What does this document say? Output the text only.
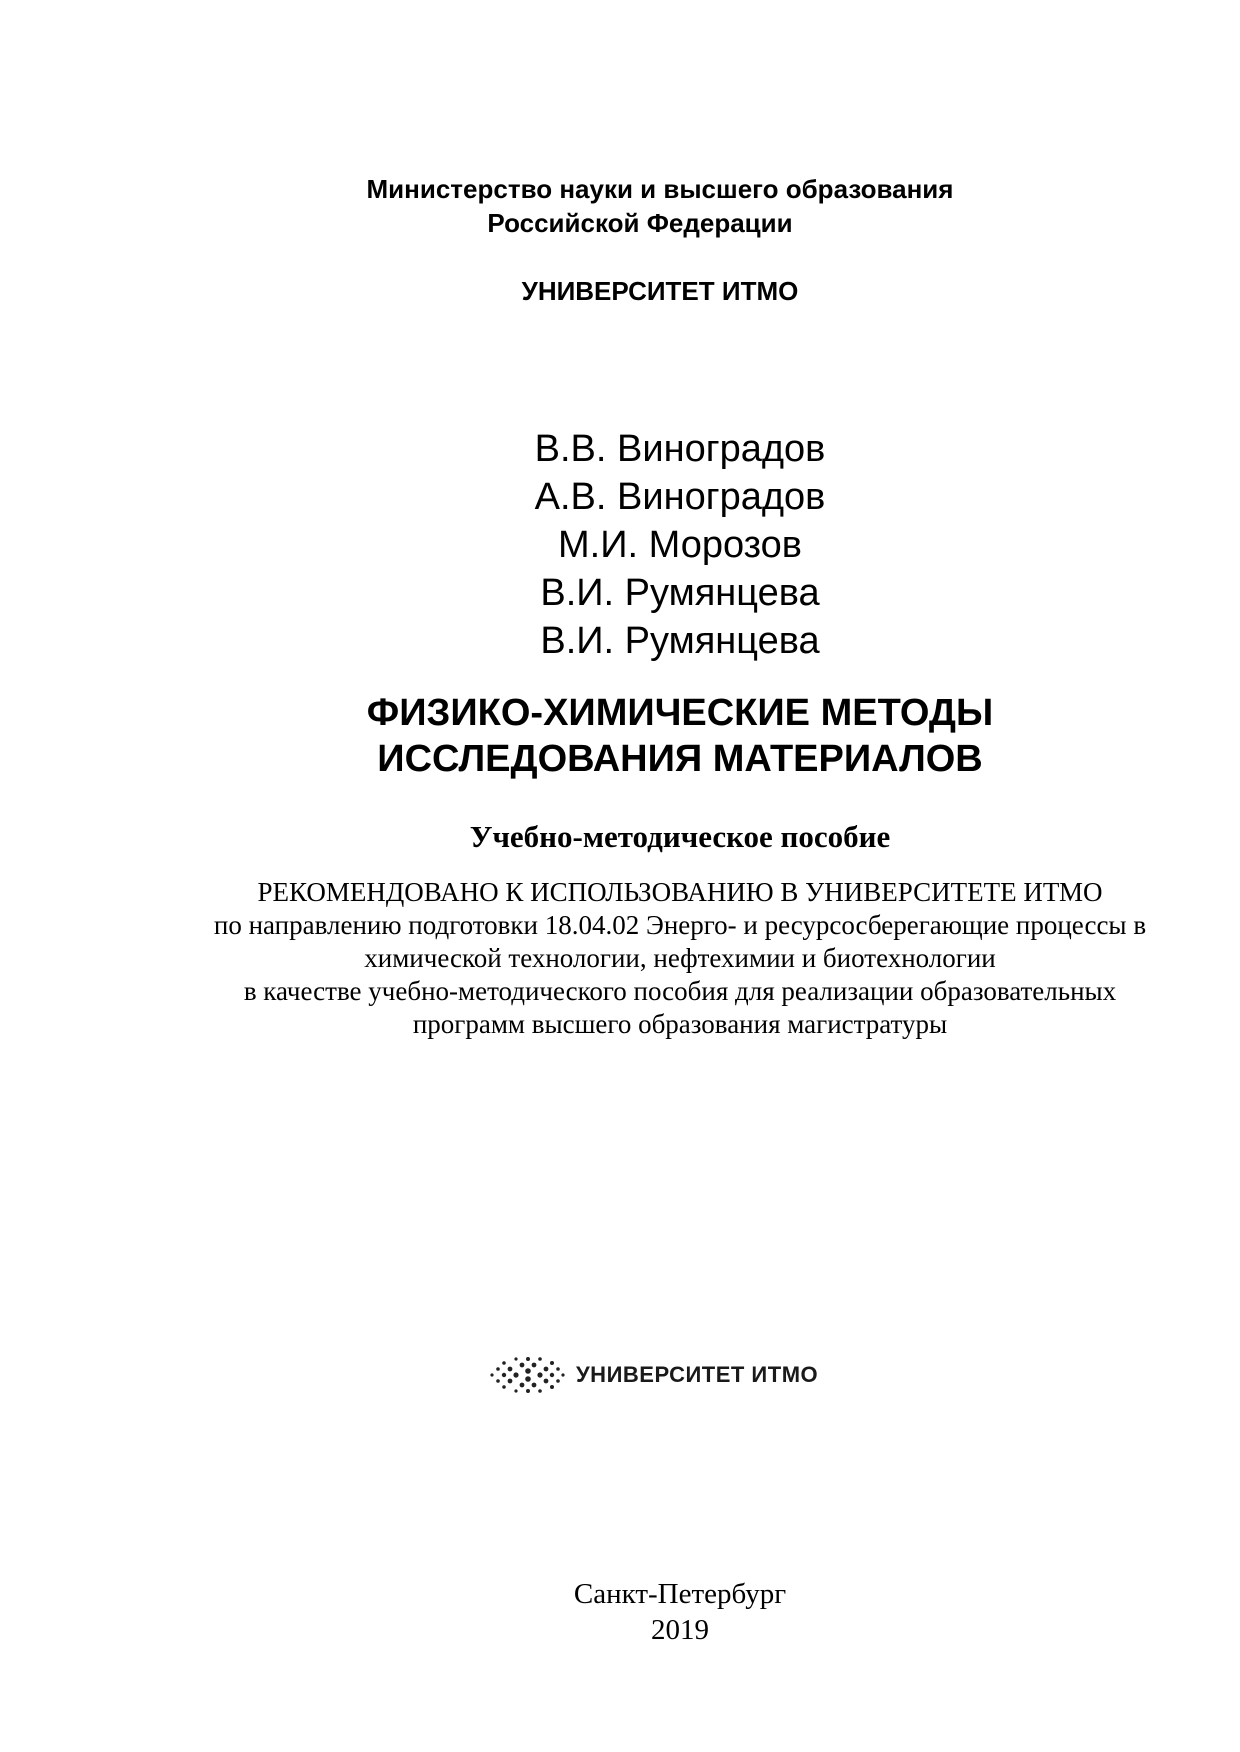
Министерство науки и высшего образования
Российской Федерации
УНИВЕРСИТЕТ ИТМО
В.В. Виноградов
А.В. Виноградов
М.И. Морозов
В.И. Румянцева
В.И. Румянцева
ФИЗИКО-ХИМИЧЕСКИЕ МЕТОДЫ
ИССЛЕДОВАНИЯ МАТЕРИАЛОВ
Учебно-методическое пособие
РЕКОМЕНДОВАНО К ИСПОЛЬЗОВАНИЮ В УНИВЕРСИТЕТЕ ИТМО
по направлению подготовки 18.04.02 Энерго- и ресурсосберегающие процессы в
химической технологии, нефтехимии и биотехнологии
в качестве учебно-методического пособия для реализации образовательных
программ высшего образования магистратуры
УНИВЕРСИТЕТ ИТМО
Санкт-Петербург
2019
